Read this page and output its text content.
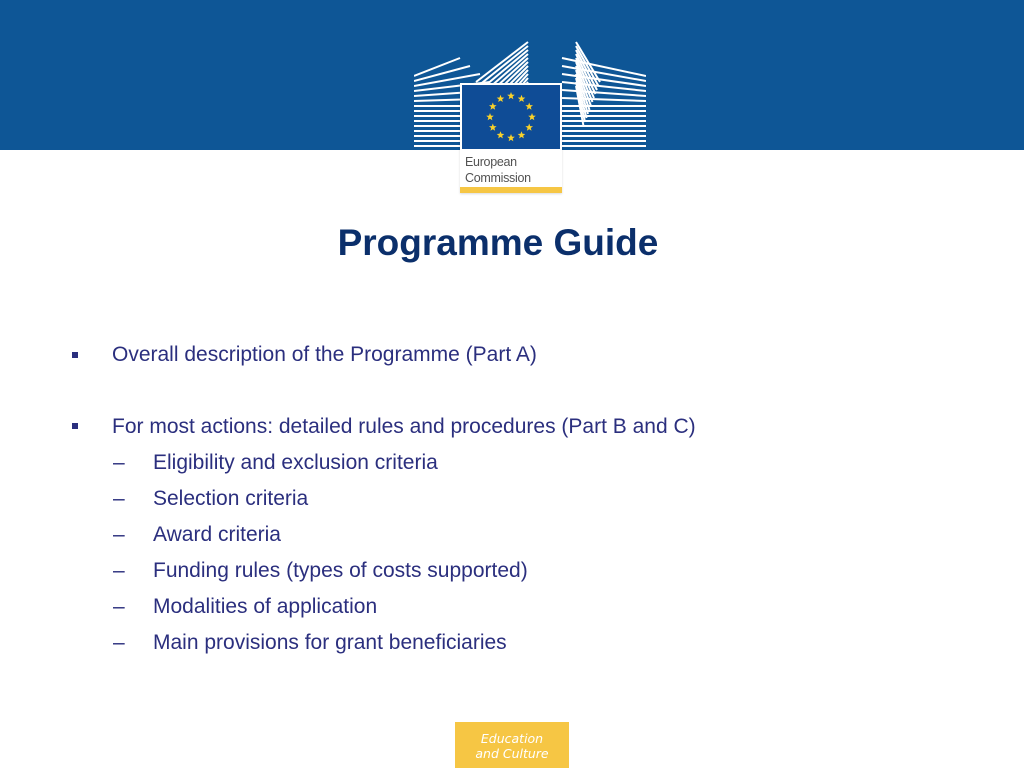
European
Commission
Programme Guide
Overall description of the Programme (Part A)
For most actions: detailed rules and procedures (Part B and C)
– Eligibility and exclusion criteria
– Selection criteria
– Award criteria
– Funding rules (types of costs supported)
– Modalities of application
– Main provisions for grant beneficiaries
Education
and Culture
